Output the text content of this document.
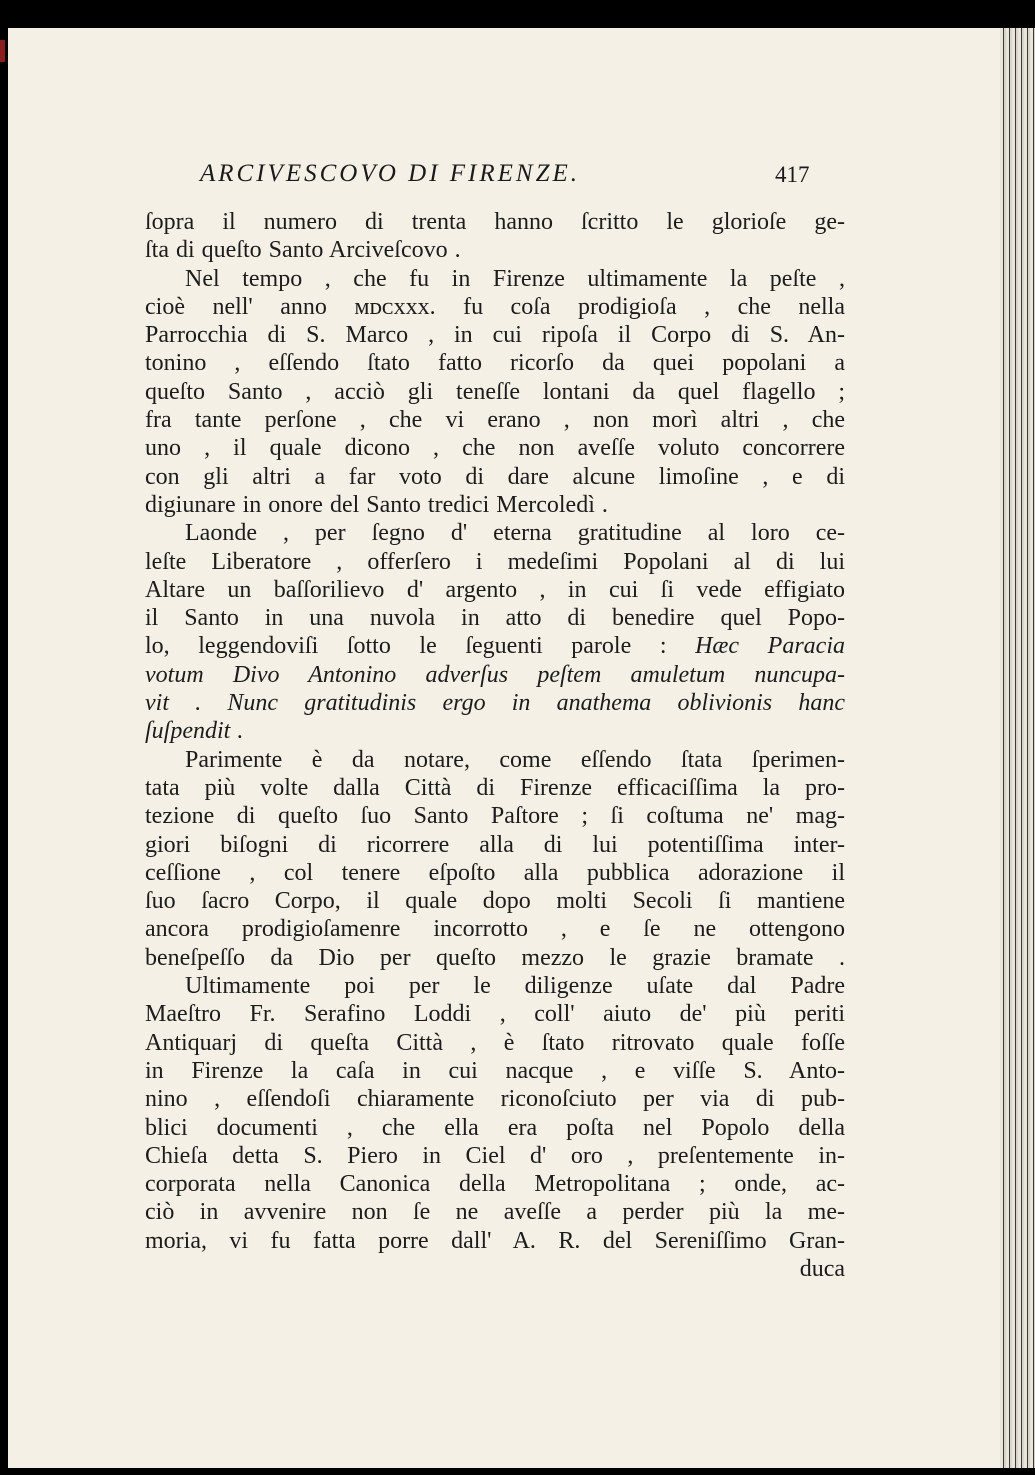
ARCIVESCOVO DI FIRENZE.	417
ſopra il numero di trenta hanno ſcritto le glorioſe ge-
ſta di queſto Santo Arciveſcovo .
Nel tempo , che fu in Firenze ultimamente la peſte ,
cioè nell' anno ᴍᴅᴄxxx. fu coſa prodigioſa , che nella
Parrocchia di S. Marco , in cui ripoſa il Corpo di S. An-
tonino , eſſendo ſtato fatto ricorſo da quei popolani a
queſto Santo , acciò gli teneſſe lontani da quel flagello ;
fra tante perſone , che vi erano , non morì altri , che
uno , il quale dicono , che non aveſſe voluto concorrere
con gli altri a far voto di dare alcune limoſine , e di
digiunare in onore del Santo tredici Mercoledì .
Laonde , per ſegno d' eterna gratitudine al loro ce-
leſte Liberatore , offerſero i medeſimi Popolani al di lui
Altare un baſſorilievo d' argento , in cui ſi vede effigiato
il Santo in una nuvola in atto di benedire quel Popo-
lo, leggendoviſi ſotto le ſeguenti parole : Hæc Paracia
votum Divo Antonino adverſus peſtem amuletum nuncupa-
vit . Nunc gratitudinis ergo in anathema oblivionis hanc
ſuſpendit .
Parimente è da notare, come eſſendo ſtata ſperimen-
tata più volte dalla Città di Firenze efficaciſſima la pro-
tezione di queſto ſuo Santo Paſtore ; ſi coſtuma ne' mag-
giori biſogni di ricorrere alla di lui potentiſſima inter-
ceſſione , col tenere eſpoſto alla pubblica adorazione il
ſuo ſacro Corpo, il quale dopo molti Secoli ſi mantiene
ancora prodigioſamenre incorrotto , e ſe ne ottengono
beneſpeſſo da Dio per queſto mezzo le grazie bramate .
Ultimamente poi per le diligenze uſate dal Padre
Maeſtro Fr. Serafino Loddi , coll' aiuto de' più periti
Antiquarj di queſta Città , è ſtato ritrovato quale foſſe
in Firenze la caſa in cui nacque , e viſſe S. Anto-
nino , eſſendoſi chiaramente riconoſciuto per via di pub-
blici documenti , che ella era poſta nel Popolo della
Chieſa detta S. Piero in Ciel d' oro , preſentemente in-
corporata nella Canonica della Metropolitana ; onde, ac-
ciò in avvenire non ſe ne aveſſe a perder più la me-
moria, vi fu fatta porre dall' A. R. del Sereniſſimo Gran-
duca
